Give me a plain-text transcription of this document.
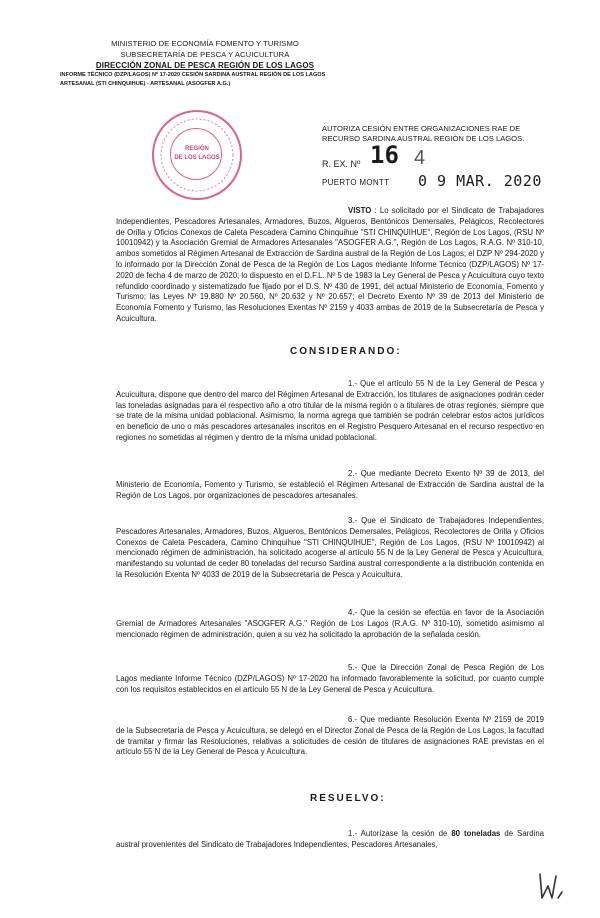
MINISTERIO DE ECONOMÍA FOMENTO Y TURISMO
SUBSECRETARÍA DE PESCA Y ACUICULTURA
DIRECCIÓN ZONAL DE PESCA REGIÓN DE LOS LAGOS
INFORME TÉCNICO (DZP/LAGOS) Nº 17-2020 CESIÓN SARDINA AUSTRAL REGIÓN DE LOS LAGOS
ARTESANAL (STI CHINQUIHUE) - ARTESANAL (ASOGFER A.G.)
REGIÓN
DE LOS LAGOS
AUTORIZA CESIÓN ENTRE ORGANIZACIONES RAE DE RECURSO SARDINA AUSTRAL REGIÓN DE LOS LAGOS.
R. EX. Nº 16 4
PUERTO MONTT 0 9 MAR. 2020
VISTO : Lo solicitado por el Sindicato de Trabajadores Independientes, Pescadores Artesanales, Armadores, Buzos, Algueros, Bentónicos Demersales, Pelágicos, Recolectores de Orilla y Oficios Conexos de Caleta Pescadera Camino Chinquihue "STI CHINQUIHUE", Región de Los Lagos, (RSU Nº 10010942) y la Asociación Gremial de Armadores Artesanales "ASOGFER A.G.", Región de Los Lagos, R.A.G. Nº 310-10, ambos sometidos al Régimen Artesanal de Extracción de Sardina austral de la Región de Los Lagos; el DZP Nº 294-2020 y lo informado por la Dirección Zonal de Pesca de la Región de Los Lagos mediante Informe Técnico (DZP/LAGOS) Nº 17-2020 de fecha 4 de marzo de 2020; lo dispuesto en el D.F.L. Nº 5 de 1983 la Ley General de Pesca y Acuicultura cuyo texto refundido coordinado y sistematizado fue fijado por el D.S. Nº 430 de 1991, del actual Ministerio de Economía, Fomento y Turismo; las Leyes Nº 19.880 Nº 20.560, Nº 20.632 y Nº 20.657; el Decreto Exento Nº 39 de 2013 del Ministerio de Economía Fomento y Turismo, las Resoluciones Exentas Nº 2159 y 4033 ambas de 2019 de la Subsecretaría de Pesca y Acuicultura.
CONSIDERANDO:
1.- Que el artículo 55 N de la Ley General de Pesca y Acuicultura, dispone que dentro del marco del Régimen Artesanal de Extracción, los titulares de asignaciones podrán ceder las toneladas asignadas para el respectivo año a otro titular de la misma región o a titulares de otras regiones, siempre que se trate de la misma unidad poblacional. Asimismo, la norma agrega que también se podrán celebrar estos actos jurídicos en beneficio de uno o más pescadores artesanales inscritos en el Registro Pesquero Artesanal en el recurso respectivo en regiones no sometidas al régimen y dentro de la misma unidad poblacional.
2.- Que mediante Decreto Exento Nº 39 de 2013, del Ministerio de Economía, Fomento y Turismo, se estableció el Régimen Artesanal de Extracción de Sardina austral de la Región de Los Lagos, por organizaciones de pescadores artesanales.
3.- Que el Sindicato de Trabajadores Independientes, Pescadores Artesanales, Armadores, Buzos, Algueros, Bentónicos Demersales, Pelágicos, Recolectores de Orilla y Oficios Conexos de Caleta Pescadera, Camino Chinquihue "STI CHINQUIHUE", Región de Los Lagos, (RSU Nº 10010942) al mencionado régimen de administración, ha solicitado acogerse al artículo 55 N de la Ley General de Pesca y Acuicultura, manifestando su voluntad de ceder 80 toneladas del recurso Sardina austral correspondiente a la distribución contenida en la Resolución Exenta Nº 4033 de 2019 de la Subsecretaría de Pesca y Acuicultura.
4.- Que la cesión se efectúa en favor de la Asociación Gremial de Armadores Artesanales "ASOGFER A.G." Región de Los Lagos (R.A.G. Nº 310-10), sometido asimismo al mencionado régimen de administración, quien a su vez ha solicitado la aprobación de la señalada cesión.
5.- Que la Dirección Zonal de Pesca Región de Los Lagos mediante Informe Técnico (DZP/LAGOS) Nº 17-2020 ha informado favorablemente la solicitud, por cuanto cumple con los requisitos establecidos en el artículo 55 N de la Ley General de Pesca y Acuicultura.
6.- Que mediante Resolución Exenta Nº 2159 de 2019 de la Subsecretaría de Pesca y Acuicultura, se delegó en el Director Zonal de Pesca de la Región de Los Lagos, la facultad de tramitar y firmar las Resoluciones, relativas a solicitudes de cesión de titulares de asignaciones RAE previstas en el artículo 55 N de la Ley General de Pesca y Acuicultura.
RESUELVO:
1.- Autorízase la cesión de 80 toneladas de Sardina austral provenientes del Sindicato de Trabajadores Independientes, Pescadores Artesanales,
